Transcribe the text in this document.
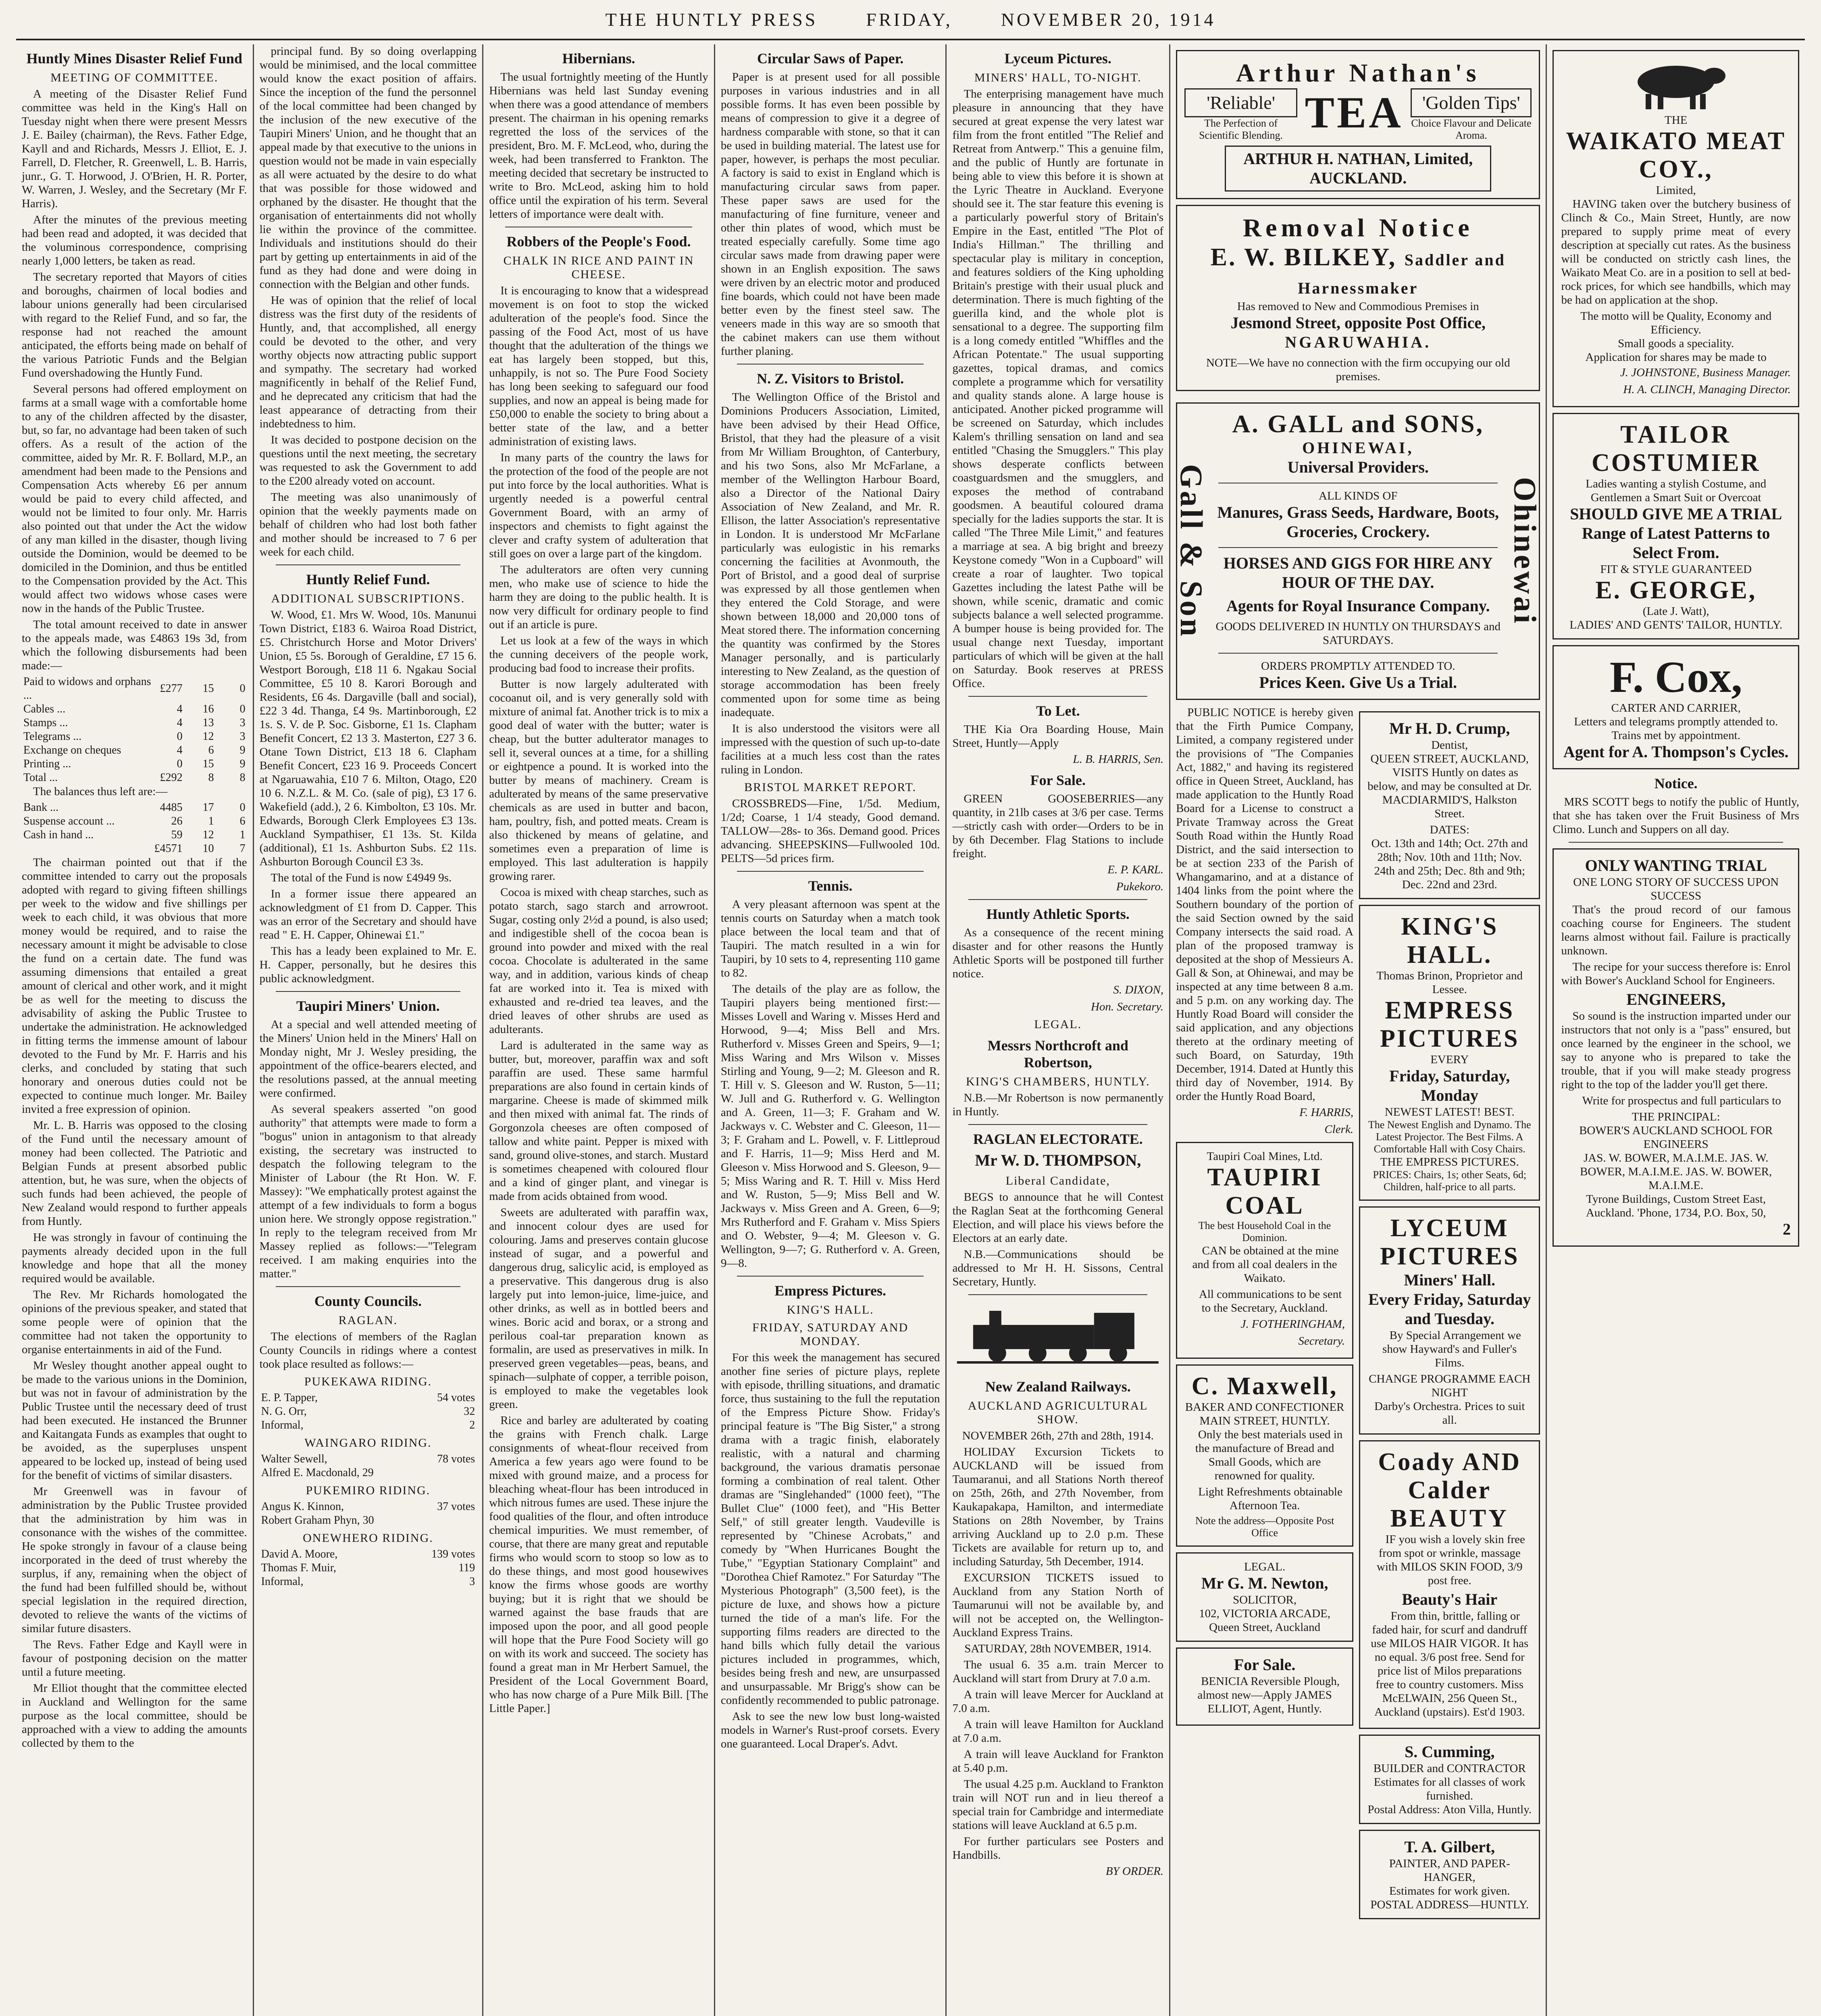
THE HUNTLY PRESS	FRIDAY,	NOVEMBER 20, 1914
Huntly Mines Disaster Relief Fund
MEETING OF COMMITTEE.

A meeting of the Disaster Relief Fund committee was held in the King's Hall on Tuesday night when there were present Messrs J. E. Bailey (chairman), the Revs. Father Edge, Kayll and and Richards, Messrs J. Elliot, E. J. Farrell, D. Fletcher, R. Greenwell, L. B. Harris, junr., G. T. Horwood, J. O'Brien, H. R. Porter, W. Warren, J. Wesley, and the Secretary (Mr F. Harris).

After the minutes of the previous meeting had been read and adopted, it was decided that the voluminous correspondence, comprising nearly 1,000 letters, be taken as read.

The secretary reported that Mayors of cities and boroughs, chairmen of local bodies and labour unions generally had been circularised with regard to the Relief Fund, and so far, the response had not reached the amount anticipated, the efforts being made on behalf of the various Patriotic Funds and the Belgian Fund overshadowing the Huntly Fund.

Several persons had offered employment on farms at a small wage with a comfortable home to any of the children affected by the disaster, but, so far, no advantage had been taken of such offers. As a result of the action of the committee, aided by Mr. R. F. Bollard, M.P., an amendment had been made to the Pensions and Compensation Acts whereby £6 per annum would be paid to every child affected, and would not be limited to four only. Mr. Harris also pointed out that under the Act the widow of any man killed in the disaster, though living outside the Dominion, would be deemed to be domiciled in the Dominion, and thus be entitled to the Compensation provided by the Act. This would affect two widows whose cases were now in the hands of the Public Trustee.

The total amount received to date in answer to the appeals made, was £4863 19s 3d, from which the following disbursements had been made:—

Paid to widows and orphans ...	£277	15	0
Cables ...	4	16	0
Stamps ...	4	13	3
Telegrams ...	0	12	3
Exchange on cheques	4	6	9
Printing ...	0	15	9
Total ...	£292	8	8

The balances thus left are:—

Bank ...	4485	17	0
Suspense account ...	26	1	6
Cash in hand ...	59	12	1
	£4571	10	7

The chairman pointed out that if the committee intended to carry out the proposals adopted with regard to giving fifteen shillings per week to the widow and five shillings per week to each child, it was obvious that more money would be required, and to raise the necessary amount it might be advisable to close the fund on a certain date. The fund was assuming dimensions that entailed a great amount of clerical and other work, and it might be as well for the meeting to discuss the advisability of asking the Public Trustee to undertake the administration. He acknowledged in fitting terms the immense amount of labour devoted to the Fund by Mr. F. Harris and his clerks, and concluded by stating that such honorary and onerous duties could not be expected to continue much longer. Mr. Bailey invited a free expression of opinion.

Mr. L. B. Harris was opposed to the closing of the Fund until the necessary amount of money had been collected. The Patriotic and Belgian Funds at present absorbed public attention, but, he was sure, when the objects of such funds had been achieved, the people of New Zealand would respond to further appeals from Huntly.

He was strongly in favour of continuing the payments already decided upon in the full knowledge and hope that all the money required would be available.

The Rev. Mr Richards homologated the opinions of the previous speaker, and stated that some people were of opinion that the committee had not taken the opportunity to organise entertainments in aid of the Fund.

Mr Wesley thought another appeal ought to be made to the various unions in the Dominion, but was not in favour of administration by the Public Trustee until the necessary deed of trust had been executed. He instanced the Brunner and Kaitangata Funds as examples that ought to be avoided, as the superpluses unspent appeared to be locked up, instead of being used for the benefit of victims of similar disasters.

Mr Greenwell was in favour of administration by the Public Trustee provided that the administration by him was in consonance with the wishes of the committee. He spoke strongly in favour of a clause being incorporated in the deed of trust whereby the surplus, if any, remaining when the object of the fund had been fulfilled should be, without special legislation in the required direction, devoted to relieve the wants of the victims of similar future disasters.

The Revs. Father Edge and Kayll were in favour of postponing decision on the matter until a future meeting.

Mr Elliot thought that the committee elected in Auckland and Wellington for the same purpose as the local committee, should be approached with a view to adding the amounts collected by them to the

principal fund. By so doing overlapping would be minimised, and the local committee would know the exact position of affairs. Since the inception of the fund the personnel of the local committee had been changed by the inclusion of the new executive of the Taupiri Miners' Union, and he thought that an appeal made by that executive to the unions in question would not be made in vain especially as all were actuated by the desire to do what that was possible for those widowed and orphaned by the disaster. He thought that the organisation of entertainments did not wholly lie within the province of the committee. Individuals and institutions should do their part by getting up entertainments in aid of the fund as they had done and were doing in connection with the Belgian and other funds.

He was of opinion that the relief of local distress was the first duty of the residents of Huntly, and, that accomplished, all energy could be devoted to the other, and very worthy objects now attracting public support and sympathy. The secretary had worked magnificently in behalf of the Relief Fund, and he deprecated any criticism that had the least appearance of detracting from their indebtedness to him.

It was decided to postpone decision on the questions until the next meeting, the secretary was requested to ask the Government to add to the £200 already voted on account.

The meeting was also unanimously of opinion that the weekly payments made on behalf of children who had lost both father and mother should be increased to 7 6 per week for each child.

Huntly Relief Fund.
ADDITIONAL SUBSCRIPTIONS.

W. Wood, £1. Mrs W. Wood, 10s. Manunui Town District, £183 6. Wairoa Road District, £5. Christchurch Horse and Motor Drivers' Union, £5 5s. Borough of Geraldine, £7 15 6. Westport Borough, £18 11 6. Ngakau Social Committee, £5 10 8. Karori Borough and Residents, £6 4s. Dargaville (ball and social), £22 3 4d. Thanga, £4 9s. Martinborough, £2 1s. S. V. de P. Soc. Gisborne, £1 1s. Clapham Benefit Concert, £2 13 3. Masterton, £27 3 6. Otane Town District, £13 18 6. Clapham Benefit Concert, £23 16 9. Proceeds Concert at Ngaruawahia, £10 7 6. Milton, Otago, £20 10 6. N.Z.L. & M. Co. (sale of pig), £3 17 6. Wakefield (add.), 2 6. Kimbolton, £3 10s. Mr. Edwards, Borough Clerk Employees £3 13s. Auckland Sympathiser, £1 13s. St. Kilda (additional), £1 1s. Ashburton Subs. £2 11s. Ashburton Borough Council £3 3s.

The total of the Fund is now £4949 9s.

In a former issue there appeared an acknowledgment of £1 from D. Capper. This was an error of the Secretary and should have read " E. H. Capper, Ohinewai £1."

This has a leady been explained to Mr. E. H. Capper, personally, but he desires this public acknowledgment.

Taupiri Miners' Union.

At a special and well attended meeting of the Miners' Union held in the Miners' Hall on Monday night, Mr J. Wesley presiding, the appointment of the office-bearers elected, and the resolutions passed, at the annual meeting were confirmed.

As several speakers asserted "on good authority" that attempts were made to form a "bogus" union in antagonism to that already existing, the secretary was instructed to despatch the following telegram to the Minister of Labour (the Rt Hon. W. F. Massey): "We emphatically protest against the attempt of a few individuals to form a bogus union here. We strongly oppose registration." In reply to the telegram received from Mr Massey replied as follows:—"Telegram received. I am making enquiries into the matter."

County Councils.
RAGLAN.

The elections of members of the Raglan County Councils in ridings where a contest took place resulted as follows:—

PUKEKAWA RIDING.
E. P. Tapper,	54 votes
N. G. Orr,	32
Informal,	2
WAINGARO RIDING.
Walter Sewell,	78 votes
Alfred E. Macdonald, 29	
PUKEMIRO RIDING.
Angus K. Kinnon,	37 votes
Robert Graham Phyn, 30	
ONEWHERO RIDING.
David A. Moore,	139 votes
Thomas F. Muir,	119
Informal,	3
Hibernians.

The usual fortnightly meeting of the Huntly Hibernians was held last Sunday evening when there was a good attendance of members present. The chairman in his opening remarks regretted the loss of the services of the president, Bro. M. F. McLeod, who, during the week, had been transferred to Frankton. The meeting decided that secretary be instructed to write to Bro. McLeod, asking him to hold office until the expiration of his term. Several letters of importance were dealt with.

Robbers of the People's Food.
CHALK IN RICE AND PAINT IN CHEESE.

It is encouraging to know that a widespread movement is on foot to stop the wicked adulteration of the people's food. Since the passing of the Food Act, most of us have thought that the adulteration of the things we eat has largely been stopped, but this, unhappily, is not so. The Pure Food Society has long been seeking to safeguard our food supplies, and now an appeal is being made for £50,000 to enable the society to bring about a better state of the law, and a better administration of existing laws.

In many parts of the country the laws for the protection of the food of the people are not put into force by the local authorities. What is urgently needed is a powerful central Government Board, with an army of inspectors and chemists to fight against the clever and crafty system of adulteration that still goes on over a large part of the kingdom.

The adulterators are often very cunning men, who make use of science to hide the harm they are doing to the public health. It is now very difficult for ordinary people to find out if an article is pure.

Let us look at a few of the ways in which the cunning deceivers of the people work, producing bad food to increase their profits.

Butter is now largely adulterated with cocoanut oil, and is very generally sold with mixture of animal fat. Another trick is to mix a good deal of water with the butter; water is cheap, but the butter adulterator manages to sell it, several ounces at a time, for a shilling or eightpence a pound. It is worked into the butter by means of machinery. Cream is adulterated by means of the same preservative chemicals as are used in butter and bacon, ham, poultry, fish, and potted meats. Cream is also thickened by means of gelatine, and sometimes even a preparation of lime is employed. This last adulteration is happily growing rarer.

Cocoa is mixed with cheap starches, such as potato starch, sago starch and arrowroot. Sugar, costing only 2½d a pound, is also used; and indigestible shell of the cocoa bean is ground into powder and mixed with the real cocoa. Chocolate is adulterated in the same way, and in addition, various kinds of cheap fat are worked into it. Tea is mixed with exhausted and re-dried tea leaves, and the dried leaves of other shrubs are used as adulterants.

Lard is adulterated in the same way as butter, but, moreover, paraffin wax and soft paraffin are used. These same harmful preparations are also found in certain kinds of margarine. Cheese is made of skimmed milk and then mixed with animal fat. The rinds of Gorgonzola cheeses are often composed of tallow and white paint. Pepper is mixed with sand, ground olive-stones, and starch. Mustard is sometimes cheapened with coloured flour and a kind of ginger plant, and vinegar is made from acids obtained from wood.

Sweets are adulterated with paraffin wax, and innocent colour dyes are used for colouring. Jams and preserves contain glucose instead of sugar, and a powerful and dangerous drug, salicylic acid, is employed as a preservative. This dangerous drug is also largely put into lemon-juice, lime-juice, and other drinks, as well as in bottled beers and wines. Boric acid and borax, or a strong and perilous coal-tar preparation known as formalin, are used as preservatives in milk. In preserved green vegetables—peas, beans, and spinach—sulphate of copper, a terrible poison, is employed to make the vegetables look green.

Rice and barley are adulterated by coating the grains with French chalk. Large consignments of wheat-flour received from America a few years ago were found to be mixed with ground maize, and a process for bleaching wheat-flour has been introduced in which nitrous fumes are used. These injure the food qualities of the flour, and often introduce chemical impurities. We must remember, of course, that there are many great and reputable firms who would scorn to stoop so low as to do these things, and most good housewives know the firms whose goods are worthy buying; but it is right that we should be warned against the base frauds that are imposed upon the poor, and all good people will hope that the Pure Food Society will go on with its work and succeed. The society has found a great man in Mr Herbert Samuel, the President of the Local Government Board, who has now charge of a Pure Milk Bill. [The Little Paper.]

Circular Saws of Paper.

Paper is at present used for all possible purposes in various industries and in all possible forms. It has even been possible by means of compression to give it a degree of hardness comparable with stone, so that it can be used in building material. The latest use for paper, however, is perhaps the most peculiar. A factory is said to exist in England which is manufacturing circular saws from paper. These paper saws are used for the manufacturing of fine furniture, veneer and other thin plates of wood, which must be treated especially carefully. Some time ago circular saws made from drawing paper were shown in an English exposition. The saws were driven by an electric motor and produced fine boards, which could not have been made better even by the finest steel saw. The veneers made in this way are so smooth that the cabinet makers can use them without further planing.

N. Z. Visitors to Bristol.

The Wellington Office of the Bristol and Dominions Producers Association, Limited, have been advised by their Head Office, Bristol, that they had the pleasure of a visit from Mr William Broughton, of Canterbury, and his two Sons, also Mr McFarlane, a member of the Wellington Harbour Board, also a Director of the National Dairy Association of New Zealand, and Mr. R. Ellison, the latter Association's representative in London. It is understood Mr McFarlane particularly was eulogistic in his remarks concerning the facilities at Avonmouth, the Port of Bristol, and a good deal of surprise was expressed by all those gentlemen when they entered the Cold Storage, and were shown between 18,000 and 20,000 tons of Meat stored there. The information concerning the quantity was confirmed by the Stores Manager personally, and is particularly interesting to New Zealand, as the question of storage accommodation has been freely commented upon for some time as being inadequate.

It is also understood the visitors were all impressed with the question of such up-to-date facilities at a much less cost than the rates ruling in London.

BRISTOL MARKET REPORT.

CROSSBREDS—Fine, 1/5d. Medium, 1/2d; Coarse, 1 1/4 steady, Good demand. TALLOW—28s- to 36s. Demand good. Prices advancing. SHEEPSKINS—Fullwooled 10d. PELTS—5d prices firm.

Tennis.

A very pleasant afternoon was spent at the tennis courts on Saturday when a match took place between the local team and that of Taupiri. The match resulted in a win for Taupiri, by 10 sets to 4, representing 110 game to 82.

The details of the play are as follow, the Taupiri players being mentioned first:—Misses Lovell and Waring v. Misses Herd and Horwood, 9—4; Miss Bell and Mrs. Rutherford v. Misses Green and Speirs, 9—1; Miss Waring and Mrs Wilson v. Misses Stirling and Young, 9—2; M. Gleeson and R. T. Hill v. S. Gleeson and W. Ruston, 5—11; W. Jull and G. Rutherford v. G. Wellington and A. Green, 11—3; F. Graham and W. Jackways v. C. Webster and C. Gleeson, 11—3; F. Graham and L. Powell, v. F. Littleproud and F. Harris, 11—9; Miss Herd and M. Gleeson v. Miss Horwood and S. Gleeson, 9—5; Miss Waring and R. T. Hill v. Miss Herd and W. Ruston, 5—9; Miss Bell and W. Jackways v. Miss Green and A. Green, 6—9; Mrs Rutherford and F. Graham v. Miss Spiers and O. Webster, 9—4; M. Gleeson v. G. Wellington, 9—7; G. Rutherford v. A. Green, 9—8.

Empress Pictures.
KING'S HALL.
FRIDAY, SATURDAY AND MONDAY.

For this week the management has secured another fine series of picture plays, replete with episode, thrilling situations, and dramatic force, thus sustaining to the full the reputation of the Empress Picture Show. Friday's principal feature is "The Big Sister," a strong drama with a tragic finish, elaborately realistic, with a natural and charming background, the various dramatis personae forming a combination of real talent. Other dramas are "Singlehanded" (1000 feet), "The Bullet Clue" (1000 feet), and "His Better Self," of still greater length. Vaudeville is represented by "Chinese Acrobats," and comedy by "When Hurricanes Bought the Tube," "Egyptian Stationary Complaint" and "Dorothea Chief Ramotez." For Saturday "The Mysterious Photograph" (3,500 feet), is the picture de luxe, and shows how a picture turned the tide of a man's life. For the supporting films readers are directed to the hand bills which fully detail the various pictures included in programmes, which, besides being fresh and new, are unsurpassed and unsurpassable. Mr Brigg's show can be confidently recommended to public patronage.

Ask to see the new low bust long-waisted models in Warner's Rust-proof corsets. Every one guaranteed. Local Draper's. Advt.

Lyceum Pictures.
MINERS' HALL, TO-NIGHT.

The enterprising management have much pleasure in announcing that they have secured at great expense the very latest war film from the front entitled "The Relief and Retreat from Antwerp." This a genuine film, and the public of Huntly are fortunate in being able to view this before it is shown at the Lyric Theatre in Auckland. Everyone should see it. The star feature this evening is a particularly powerful story of Britain's Empire in the East, entitled "The Plot of India's Hillman." The thrilling and spectacular play is military in conception, and features soldiers of the King upholding Britain's prestige with their usual pluck and determination. There is much fighting of the guerilla kind, and the whole plot is sensational to a degree. The supporting film is a long comedy entitled "Whiffles and the African Potentate." The usual supporting gazettes, topical dramas, and comics complete a programme which for versatility and quality stands alone. A large house is anticipated. Another picked programme will be screened on Saturday, which includes Kalem's thrilling sensation on land and sea entitled "Chasing the Smugglers." This play shows desperate conflicts between coastguardsmen and the smugglers, and exposes the method of contraband goodsmen. A beautiful coloured drama specially for the ladies supports the star. It is called "The Three Mile Limit," and features a marriage at sea. A big bright and breezy Keystone comedy "Won in a Cupboard" will create a roar of laughter. Two topical Gazettes including the latest Pathe will be shown, while scenic, dramatic and comic subjects balance a well selected programme. A bumper house is being provided for. The usual change next Tuesday, important particulars of which will be given at the hall on Saturday. Book reserves at PRESS Office.

To Let.

THE Kia Ora Boarding House, Main Street, Huntly—Apply

L. B. HARRIS, Sen.
For Sale.

GREEN GOOSEBERRIES—any quantity, in 21lb cases at 3/6 per case. Terms—strictly cash with order—Orders to be in by 6th December. Flag Stations to include freight.

E. P. KARL.
Pukekoro.
Huntly Athletic Sports.

As a consequence of the recent mining disaster and for other reasons the Huntly Athletic Sports will be postponed till further notice.

S. DIXON,
Hon. Secretary.
LEGAL.
Messrs Northcroft and Robertson,
KING'S CHAMBERS, HUNTLY.

N.B.—Mr Robertson is now permanently in Huntly.

RAGLAN ELECTORATE.
Mr W. D. THOMPSON,
Liberal Candidate,

BEGS to announce that he will Contest the Raglan Seat at the forthcoming General Election, and will place his views before the Electors at an early date.

N.B.—Communications should be addressed to Mr H. H. Sissons, Central Secretary, Huntly.

New Zealand Railways.
AUCKLAND AGRICULTURAL SHOW.

NOVEMBER 26th, 27th and 28th, 1914.

HOLIDAY Excursion Tickets to AUCKLAND will be issued from Taumaranui, and all Stations North thereof on 25th, 26th, and 27th November, from Kaukapakapa, Hamilton, and intermediate Stations on 28th November, by Trains arriving Auckland up to 2.0 p.m. These Tickets are available for return up to, and including Saturday, 5th December, 1914.

EXCURSION TICKETS issued to Auckland from any Station North of Taumarunui will not be available by, and will not be accepted on, the Wellington-Auckland Express Trains.

SATURDAY, 28th NOVEMBER, 1914.

The usual 6. 35 a.m. train Mercer to Auckland will start from Drury at 7.0 a.m.

A train will leave Mercer for Auckland at 7.0 a.m.

A train will leave Hamilton for Auckland at 7.0 a.m.

A train will leave Auckland for Frankton at 5.40 p.m.

The usual 4.25 p.m. Auckland to Frankton train will NOT run and in lieu thereof a special train for Cambridge and intermediate stations will leave Auckland at 6.5 p.m.

For further particulars see Posters and Handbills.

BY ORDER.
Arthur Nathan's
'Reliable'
The Perfection of Scientific Blending. TEA	'Golden Tips'
Choice Flavour and Delicate Aroma.
ARTHUR H. NATHAN, Limited,
AUCKLAND.
Removal Notice
E. W. BILKEY, Saddler and Harnessmaker
Has removed to New and Commodious Premises in
Jesmond Street, opposite Post Office,
NGARUWAHIA.
NOTE—We have no connection with the firm occupying our old premises.
Gall & Son
A. GALL and SONS,
OHINEWAI,
Universal Providers.
ALL KINDS OF
Manures, Grass Seeds, Hardware, Boots, Groceries, Crockery.
HORSES AND GIGS FOR HIRE ANY HOUR OF THE DAY.
Agents for Royal Insurance Company.
GOODS DELIVERED IN HUNTLY ON THURSDAYS and SATURDAYS.
ORDERS PROMPTLY ATTENDED TO.
Prices Keen. Give Us a Trial.
Ohinewai

PUBLIC NOTICE is hereby given that the Firth Pumice Company, Limited, a company registered under the provisions of "The Companies Act, 1882," and having its registered office in Queen Street, Auckland, has made application to the Huntly Road Board for a License to construct a Private Tramway across the Great South Road within the Huntly Road District, and the said intersection to be at section 233 of the Parish of Whangamarino, and at a distance of 1404 links from the point where the Southern boundary of the portion of the said Section owned by the said Company intersects the said road. A plan of the proposed tramway is deposited at the shop of Messieurs A. Gall & Son, at Ohinewai, and may be inspected at any time between 8 a.m. and 5 p.m. on any working day. The Huntly Road Board will consider the said application, and any objections thereto at the ordinary meeting of such Board, on Saturday, 19th December, 1914. Dated at Huntly this third day of November, 1914. By order the Huntly Road Board,

F. HARRIS,
Clerk.
Taupiri Coal Mines, Ltd.
TAUPIRI COAL
The best Household Coal in the Dominion.

CAN be obtained at the mine and from all coal dealers in the Waikato.

All communications to be sent to the Secretary, Auckland.

J. FOTHERINGHAM,
Secretary.
C. Maxwell,
BAKER AND CONFECTIONER
MAIN STREET, HUNTLY.

Only the best materials used in the manufacture of Bread and Small Goods, which are renowned for quality.

Light Refreshments obtainable Afternoon Tea.

Note the address—Opposite Post Office
LEGAL.
Mr G. M. Newton,
SOLICITOR,
102, VICTORIA ARCADE, Queen Street, Auckland
For Sale.

BENICIA Reversible Plough, almost new—Apply JAMES ELLIOT, Agent, Huntly.

Mr H. D. Crump,
Dentist,
QUEEN STREET, AUCKLAND,

VISITS Huntly on dates as below, and may be consulted at Dr. MACDIARMID'S, Halkston Street.

DATES:
Oct. 13th and 14th; Oct. 27th and 28th; Nov. 10th and 11th; Nov. 24th and 25th; Dec. 8th and 9th; Dec. 22nd and 23rd.
KING'S HALL.
Thomas Brinon, Proprietor and Lessee.
EMPRESS PICTURES
EVERY
Friday, Saturday, Monday
NEWEST LATEST! BEST.
The Newest English and Dynamo. The Latest Projector. The Best Films. A Comfortable Hall with Cosy Chairs.
THE EMPRESS PICTURES.
PRICES: Chairs, 1s; other Seats, 6d; Children, half-price to all parts.
LYCEUM PICTURES
Miners' Hall.
Every Friday, Saturday and Tuesday.

By Special Arrangement we show Hayward's and Fuller's Films.

CHANGE PROGRAMME EACH NIGHT
Darby's Orchestra. Prices to suit all.
Coady AND Calder
BEAUTY

IF you wish a lovely skin free from spot or wrinkle, massage with MILOS SKIN FOOD, 3/9 post free.

Beauty's Hair

From thin, brittle, falling or faded hair, for scurf and dandruff use MILOS HAIR VIGOR. It has no equal. 3/6 post free. Send for price list of Milos preparations free to country customers. Miss McELWAIN, 256 Queen St., Auckland (upstairs). Est'd 1903.

S. Cumming,
BUILDER and CONTRACTOR
Estimates for all classes of work furnished.
Postal Address: Aton Villa, Huntly.
T. A. Gilbert,
PAINTER, AND PAPER-HANGER,
Estimates for work given.
POSTAL ADDRESS—HUNTLY.
THE
WAIKATO MEAT COY.,
Limited,

HAVING taken over the butchery business of Clinch & Co., Main Street, Huntly, are now prepared to supply prime meat of every description at specially cut rates. As the business will be conducted on strictly cash lines, the Waikato Meat Co. are in a position to sell at bed-rock prices, for which see handbills, which may be had on application at the shop.

The motto will be Quality, Economy and Efficiency.
Small goods a speciality.
Application for shares may be made to
J. JOHNSTONE, Business Manager.
H. A. CLINCH, Managing Director.
TAILOR
COSTUMIER
Ladies wanting a stylish Costume, and Gentlemen a Smart Suit or Overcoat
SHOULD GIVE ME A TRIAL
Range of Latest Patterns to Select From.
FIT & STYLE GUARANTEED
E. GEORGE,
(Late J. Watt),
LADIES' AND GENTS' TAILOR, HUNTLY.
F. Cox,
CARTER AND CARRIER,
Letters and telegrams promptly attended to.
Trains met by appointment.
Agent for A. Thompson's Cycles.
Notice.

MRS SCOTT begs to notify the public of Huntly, that she has taken over the Fruit Business of Mrs Climo. Lunch and Suppers on all day.

ONLY WANTING TRIAL
ONE LONG STORY OF SUCCESS UPON SUCCESS

That's the proud record of our famous coaching course for Engineers. The student learns almost without fail. Failure is practically unknown.

The recipe for your success therefore is: Enrol with Bower's Auckland School for Engineers.

ENGINEERS,

So sound is the instruction imparted under our instructors that not only is a "pass" ensured, but once learned by the engineer in the school, we say to anyone who is prepared to take the trouble, that if you will make steady progress right to the top of the ladder you'll get there.

Write for prospectus and full particulars to

THE PRINCIPAL:
BOWER'S AUCKLAND SCHOOL FOR ENGINEERS
JAS. W. BOWER, M.A.I.M.E. JAS. W. BOWER, M.A.I.M.E. JAS. W. BOWER, M.A.I.M.E.
Tyrone Buildings, Custom Street East, Auckland. 'Phone, 1734, P.O. Box, 50,
2
